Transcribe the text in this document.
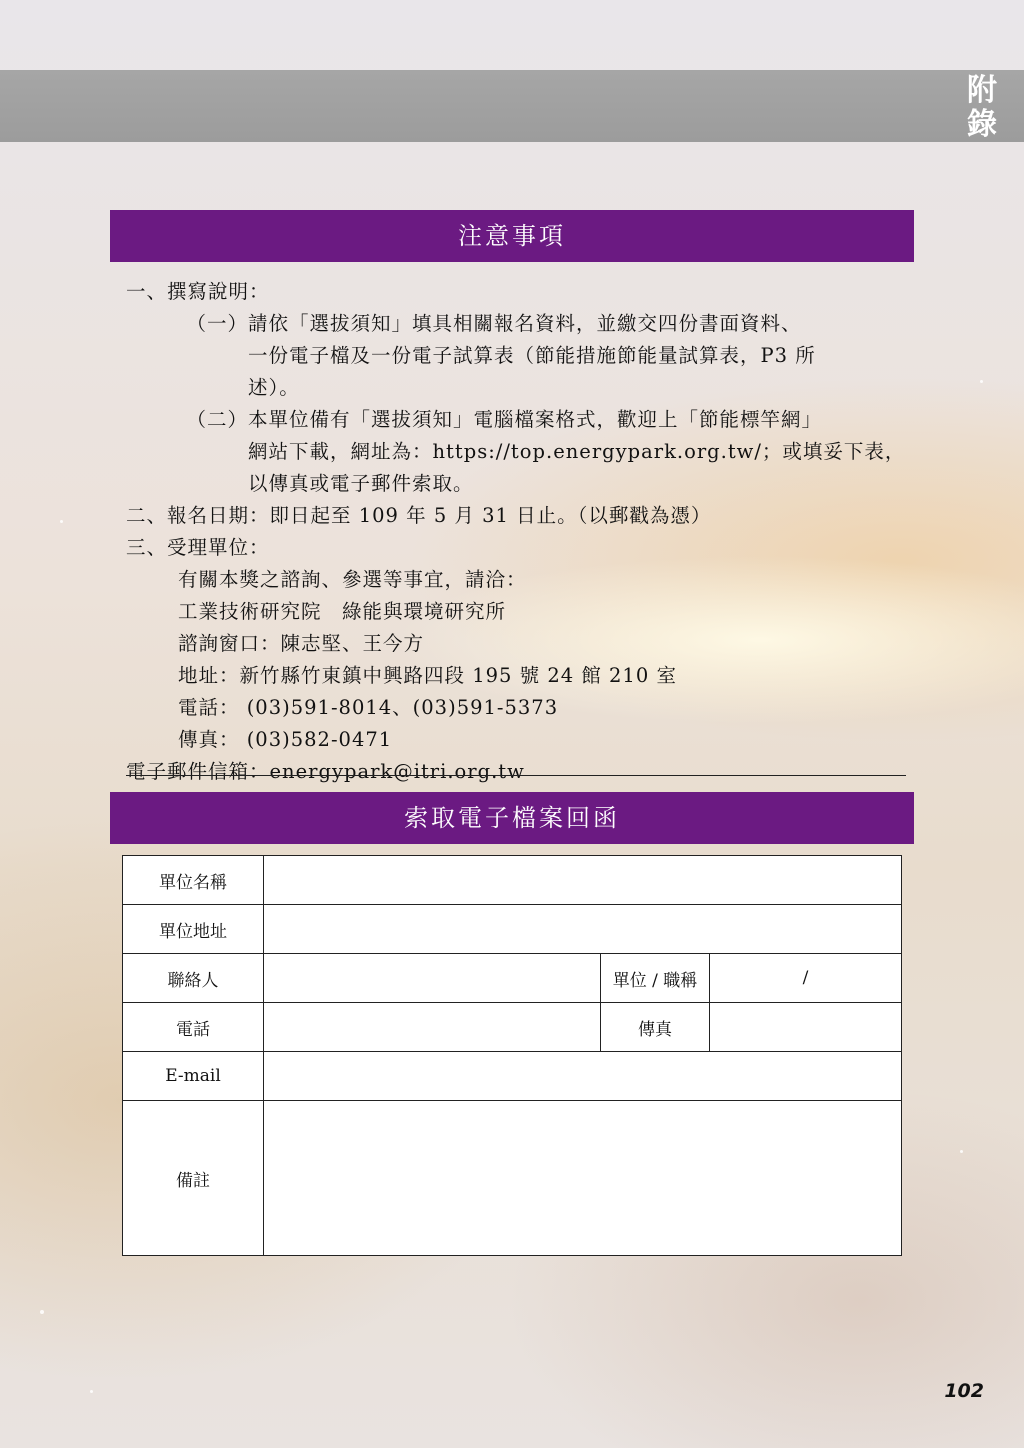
附錄
注意事項
一、撰寫說明：
（一） 請依「選拔須知」填具相關報名資料，並繳交四份書面資料、
一份電子檔及一份電子試算表（節能措施節能量試算表，P3 所
述）。
（二） 本單位備有「選拔須知」電腦檔案格式，歡迎上「節能標竿網」
網站下載，網址為：https://top.energypark.org.tw/；或填妥下表，
以傳真或電子郵件索取。
二、報名日期：即日起至 109 年 5 月 31 日止。（以郵戳為憑）
三、受理單位：
有關本獎之諮詢、參選等事宜，請洽：
工業技術研究院　綠能與環境研究所
諮詢窗口：陳志堅、王今方
地址：新竹縣竹東鎮中興路四段 195 號 24 館 210 室
電話： (03)591-8014、(03)591-5373
傳真： (03)582-0471
電子郵件信箱：energypark@itri.org.tw
索取電子檔案回函
單位名稱			
單位地址			
聯絡人		單位 / 職稱	/
電話		傳真	
E-mail			
備註			
102
